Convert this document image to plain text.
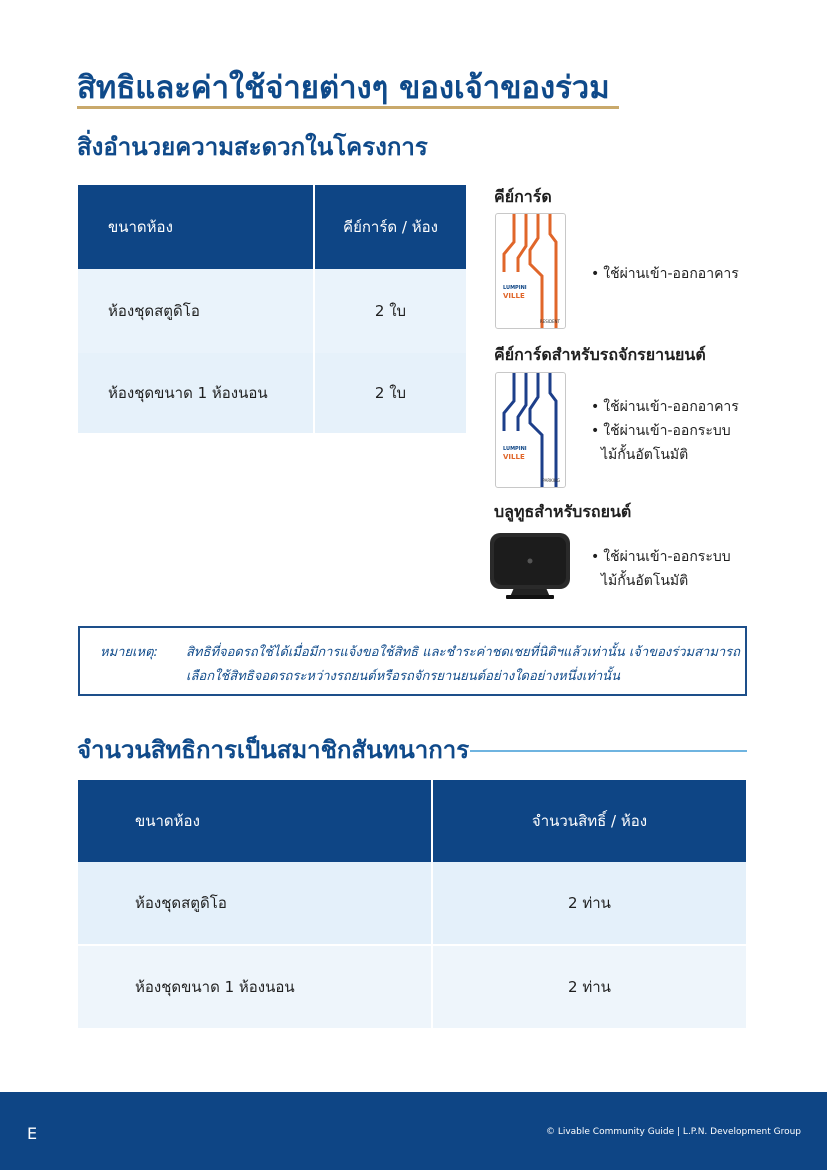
สิทธิและค่าใช้จ่ายต่างๆ ของเจ้าของร่วม
สิ่งอำนวยความสะดวกในโครงการ
ขนาดห้อง	คีย์การ์ด / ห้อง
ห้องชุดสตูดิโอ	2 ใบ
ห้องชุดขนาด 1 ห้องนอน	2 ใบ
คีย์การ์ด
LUMPINI
VILLE
RESIDENT
• ใช้ผ่านเข้า-ออกอาคาร
คีย์การ์ดสำหรับรถจักรยานยนต์
LUMPINI
VILLE
PARKING
• ใช้ผ่านเข้า-ออกอาคาร
• ใช้ผ่านเข้า-ออกระบบ
ไม้กั้นอัตโนมัติ
บลูทูธสำหรับรถยนต์
• ใช้ผ่านเข้า-ออกระบบ
ไม้กั้นอัตโนมัติ
หมายเหตุ: สิทธิที่จอดรถใช้ได้เมื่อมีการแจ้งขอใช้สิทธิ และชำระค่าชดเชยที่นิติฯแล้วเท่านั้น เจ้าของร่วมสามารถเลือกใช้สิทธิจอดรถระหว่างรถยนต์หรือรถจักรยานยนต์อย่างใดอย่างหนึ่งเท่านั้น
จำนวนสิทธิการเป็นสมาชิกสันทนาการ
ขนาดห้อง	จำนวนสิทธิ์ / ห้อง
ห้องชุดสตูดิโอ	2 ท่าน
ห้องชุดขนาด 1 ห้องนอน	2 ท่าน
E	© Livable Community Guide | L.P.N. Development Group
